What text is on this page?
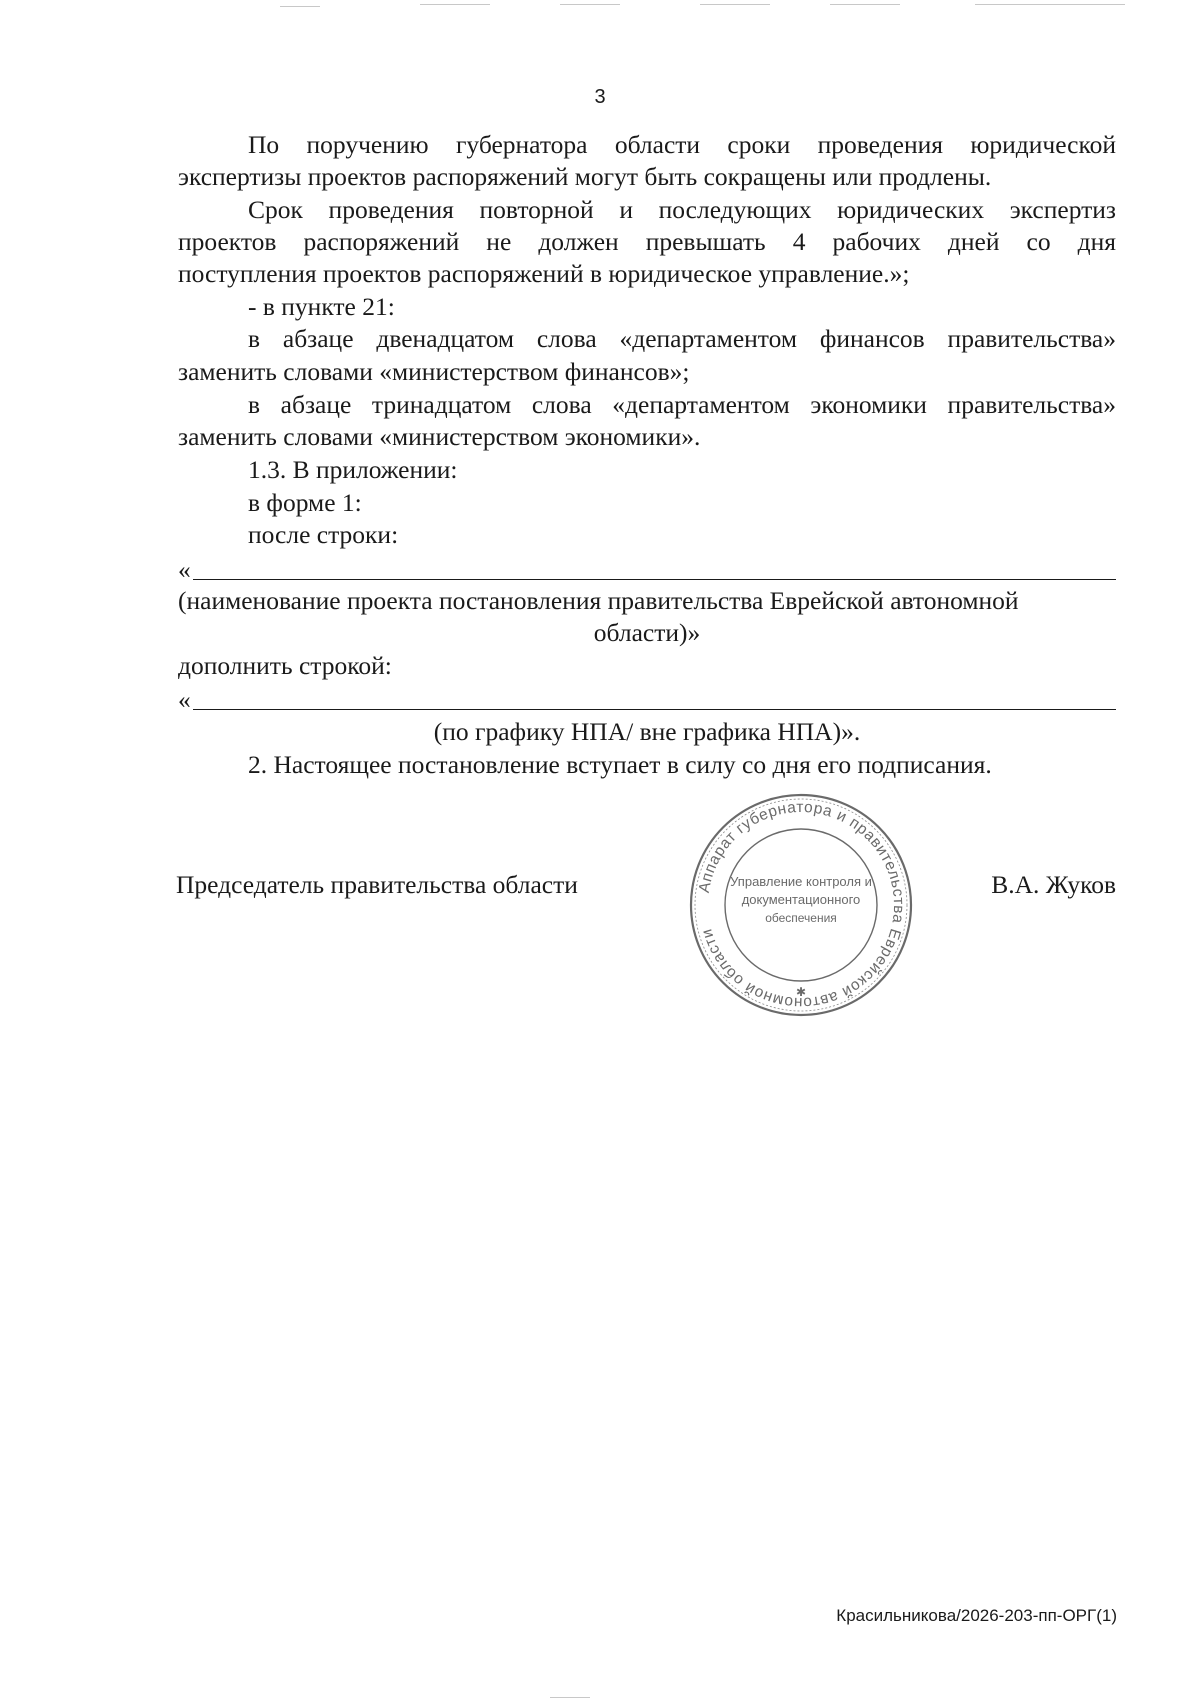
3
По поручению губернатора области сроки проведения юридической
экспертизы проектов распоряжений могут быть сокращены или продлены.
Срок проведения повторной и последующих юридических экспертиз
проектов распоряжений не должен превышать 4 рабочих дней со дня
поступления проектов распоряжений в юридическое управление.»;
- в пункте 21:
в абзаце двенадцатом слова «департаментом финансов правительства»
заменить словами «министерством финансов»;
в абзаце тринадцатом слова «департаментом экономики правительства»
заменить словами «министерством экономики».
1.3. В приложении:
в форме 1:
после строки:
«
(наименование проекта постановления правительства Еврейской автономной
области)»
дополнить строкой:
«
(по графику НПА/ вне графика НПА)».
2. Настоящее постановление вступает в силу со дня его подписания.
Председатель правительства области	В.А. Жуков
Аппарат губернатора и правительства Еврейской автономной области
Управление контроля и
документационного
обеспечения
✱
Красильникова/2026-203-пп-ОРГ(1)
